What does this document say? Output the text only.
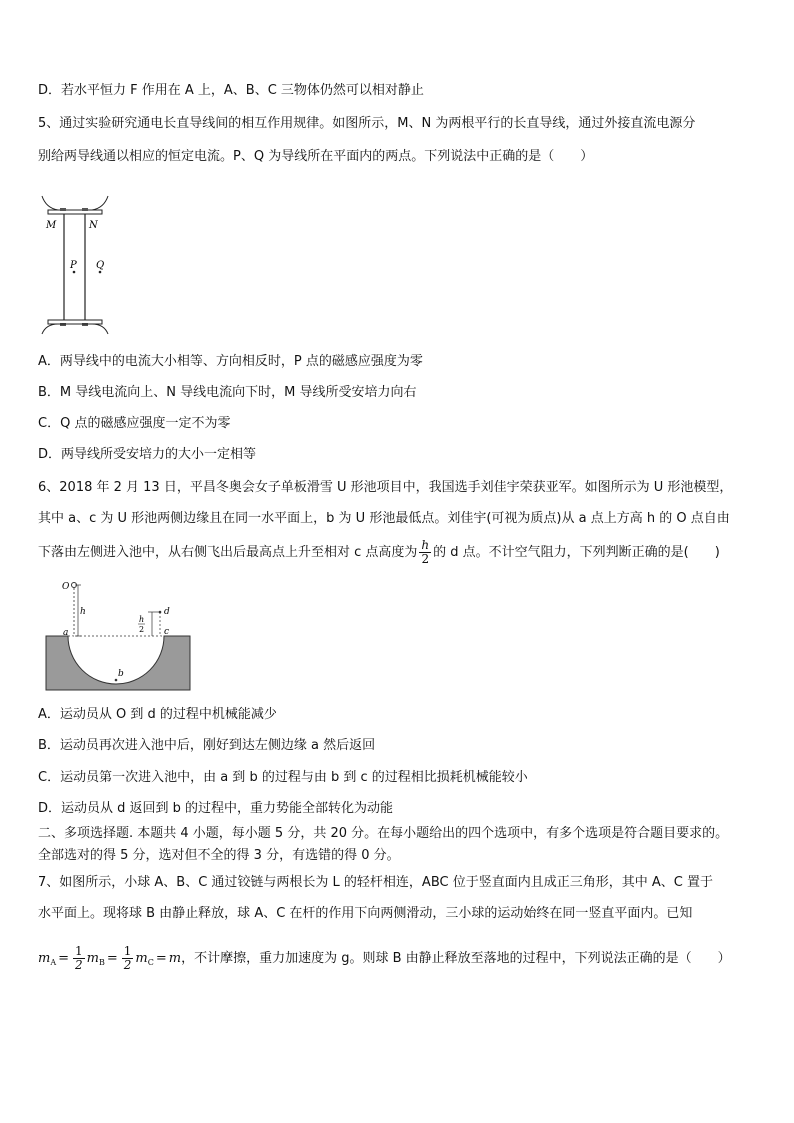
D．若水平恒力 F 作用在 A 上，A、B、C 三物体仍然可以相对静止
5、通过实验研究通电长直导线间的相互作用规律。如图所示，M、N 为两根平行的长直导线，通过外接直流电源分
别给两导线通以相应的恒定电流。P、Q 为导线所在平面内的两点。下列说法中正确的是（　　）
M	N
P Q
A．两导线中的电流大小相等、方向相反时，P 点的磁感应强度为零
B．M 导线电流向上、N 导线电流向下时，M 导线所受安培力向右
C．Q 点的磁感应强度一定不为零
D．两导线所受安培力的大小一定相等
6、2018 年 2 月 13 日，平昌冬奥会女子单板滑雪 U 形池项目中，我国选手刘佳宇荣获亚军。如图所示为 U 形池模型，
其中 a、c 为 U 形池两侧边缘且在同一水平面上，b 为 U 形池最低点。刘佳宇(可视为质点)从 a 点上方高 h 的 O 点自由
下落由左侧进入池中，从右侧飞出后最高点上升至相对 c 点高度为 $\frac{h}{2}$ 的 d 点。不计空气阻力，下列判断正确的是(　　)
O
h
a
b
c
d
h
2
A．运动员从 O 到 d 的过程中机械能减少
B．运动员再次进入池中后，刚好到达左侧边缘 a 然后返回
C．运动员第一次进入池中，由 a 到 b 的过程与由 b 到 c 的过程相比损耗机械能较小
D．运动员从 d 返回到 b 的过程中，重力势能全部转化为动能
二、多项选择题. 本题共 4 小题，每小题 5 分，共 20 分。在每小题给出的四个选项中，有多个选项是符合题目要求的。
全部选对的得 5 分，选对但不全的得 3 分，有选错的得 0 分。
7、如图所示，小球 A、B、C 通过铰链与两根长为 L 的轻杆相连，ABC 位于竖直面内且成正三角形，其中 A、C 置于
水平面上。现将球 B 由静止释放，球 A、C 在杆的作用下向两侧滑动，三小球的运动始终在同一竖直平面内。已知
$m_A = \frac{1}{2} m_B = \frac{1}{2} m_C = m$，不计摩擦，重力加速度为 g。则球 B 由静止释放至落地的过程中，下列说法正确的是（　　）
